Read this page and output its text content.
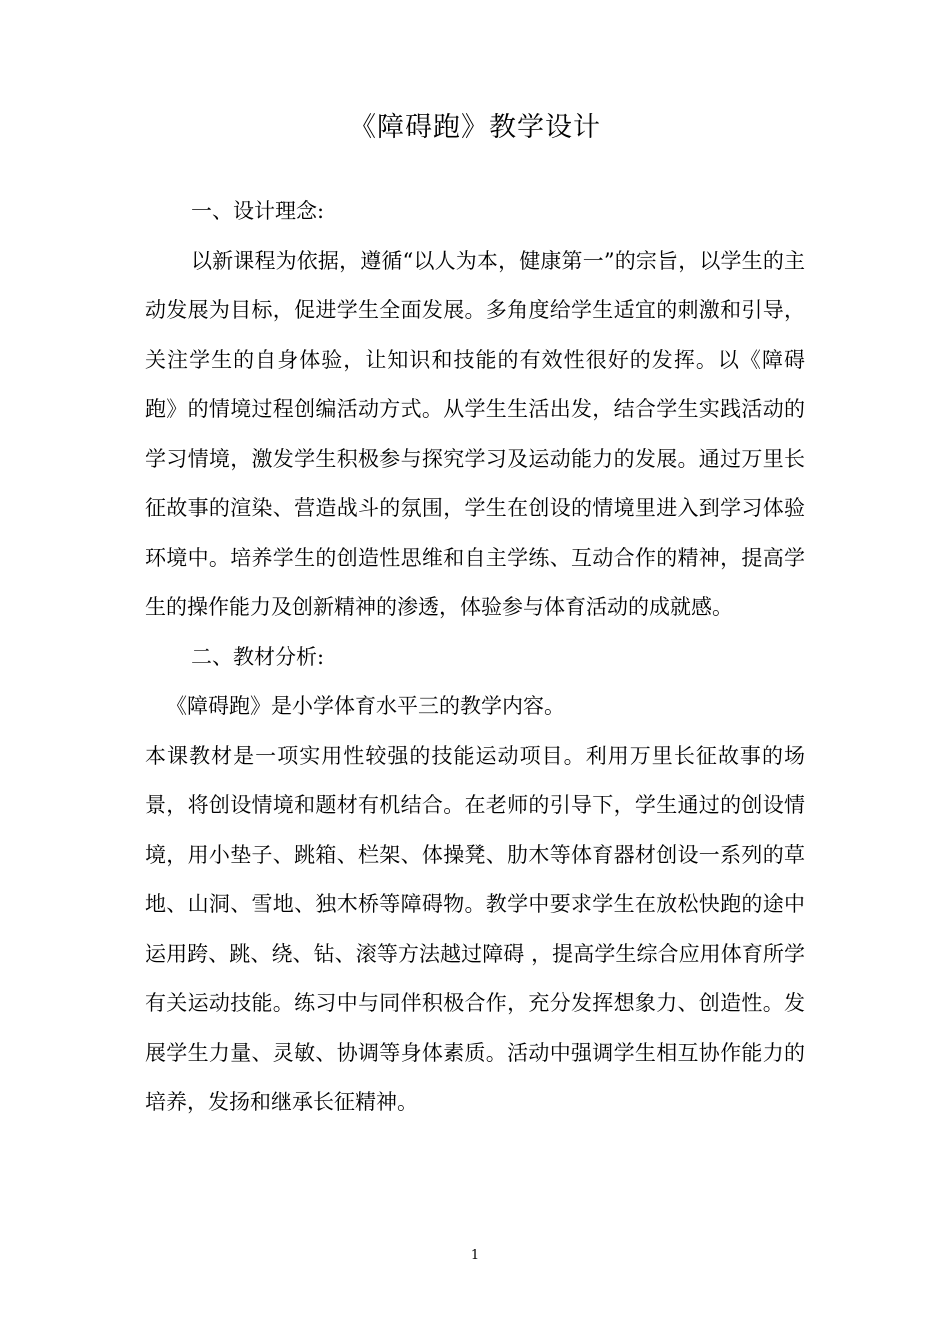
《障碍跑》教学设计

一、设计理念:

以新课程为依据，遵循“以人为本，健康第一”的宗旨，以学生的主动发展为目标，促进学生全面发展。多角度给学生适宜的刺激和引导，关注学生的自身体验，让知识和技能的有效性很好的发挥。以《障碍跑》的情境过程创编活动方式。从学生生活出发，结合学生实践活动的学习情境，激发学生积极参与探究学习及运动能力的发展。通过万里长征故事的渲染、营造战斗的氛围，学生在创设的情境里进入到学习体验环境中。培养学生的创造性思维和自主学练、互动合作的精神，提高学生的操作能力及创新精神的渗透，体验参与体育活动的成就感。

二、教材分析:

《障碍跑》是小学体育水平三的教学内容。

本课教材是一项实用性较强的技能运动项目。利用万里长征故事的场景，将创设情境和题材有机结合。在老师的引导下，学生通过的创设情境，用小垫子、跳箱、栏架、体操凳、肋木等体育器材创设一系列的草地、山洞、雪地、独木桥等障碍物。教学中要求学生在放松快跑的途中运用跨、跳、绕、钻、滚等方法越过障碍 ，提高学生综合应用体育所学有关运动技能。练习中与同伴积极合作，充分发挥想象力、创造性。发展学生力量、灵敏、协调等身体素质。活动中强调学生相互协作能力的培养，发扬和继承长征精神。

1
